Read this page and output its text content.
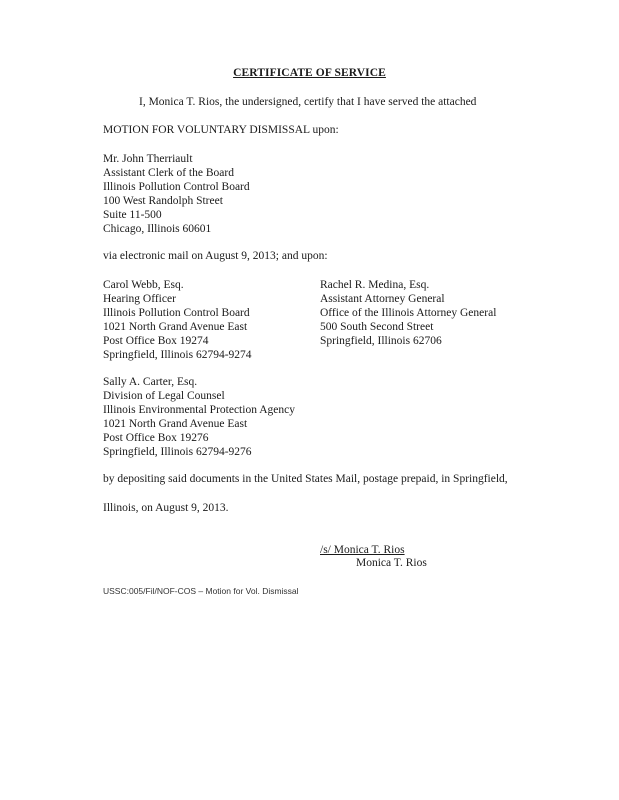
CERTIFICATE OF SERVICE
I, Monica T. Rios, the undersigned, certify that I have served the attached
MOTION FOR VOLUNTARY DISMISSAL upon:
Mr. John Therriault
Assistant Clerk of the Board
Illinois Pollution Control Board
100 West Randolph Street
Suite 11-500
Chicago, Illinois 60601
via electronic mail on August 9, 2013; and upon:
Carol Webb, Esq.
Hearing Officer
Illinois Pollution Control Board
1021 North Grand Avenue East
Post Office Box 19274
Springfield, Illinois 62794-9274
Rachel R. Medina, Esq.
Assistant Attorney General
Office of the Illinois Attorney General
500 South Second Street
Springfield, Illinois 62706
Sally A. Carter, Esq.
Division of Legal Counsel
Illinois Environmental Protection Agency
1021 North Grand Avenue East
Post Office Box 19276
Springfield, Illinois 62794-9276
by depositing said documents in the United States Mail, postage prepaid, in Springfield,
Illinois, on August 9, 2013.
/s/ Monica T. Rios
Monica T. Rios
USSC:005/Fil/NOF-COS – Motion for Vol. Dismissal
